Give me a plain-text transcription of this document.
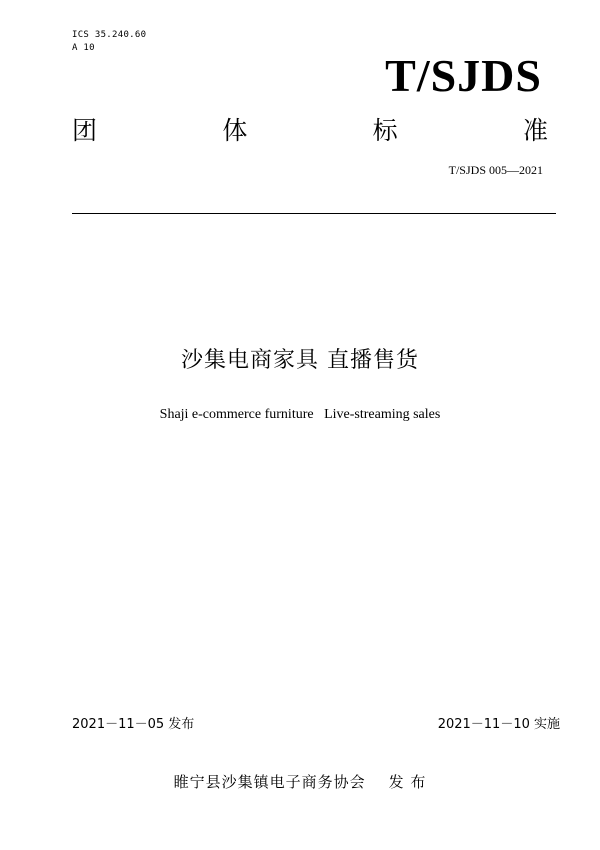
ICS 35.240.60
A 10
T/SJDS
团	体	标	准
T/SJDS 005—2021
沙集电商家具 直播售货
Shaji e-commerce furniture   Live-streaming sales
2021－11－05 发布	2021－11－10 实施
睢宁县沙集镇电子商务协会    发 布
